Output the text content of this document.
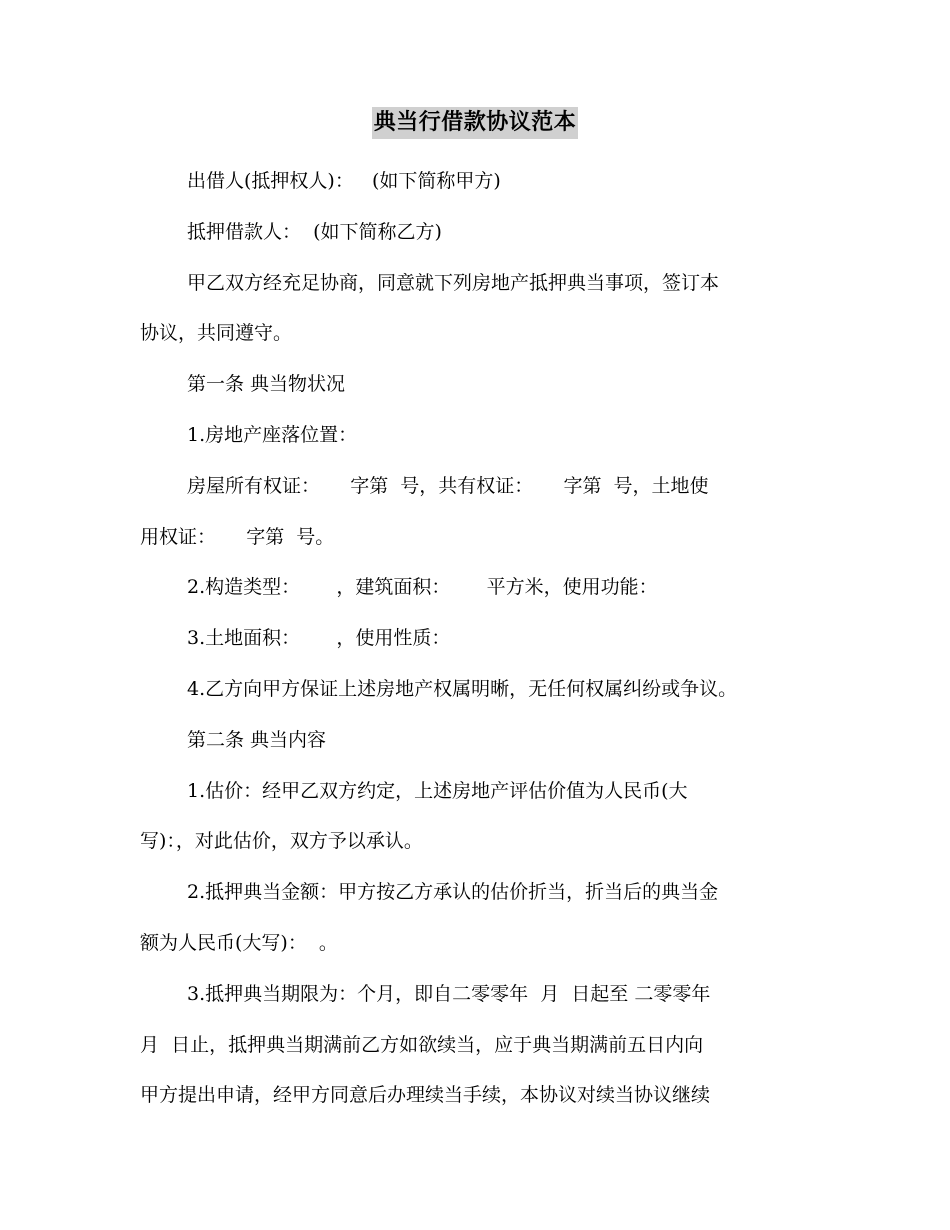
典当行借款协议范本
出借人(抵押权人)：   (如下简称甲方)
抵押借款人：  (如下简称乙方)
甲乙双方经充足协商，同意就下列房地产抵押典当事项，签订本
协议，共同遵守。
第一条 典当物状况
1.房地产座落位置：
房屋所有权证：     字第  号，共有权证：     字第  号，土地使
用权证：     字第  号。
2.构造类型：      ，建筑面积：      平方米，使用功能：
3.土地面积：      ，使用性质：
4.乙方向甲方保证上述房地产权属明晰，无任何权属纠纷或争议。
第二条 典当内容
1.估价：经甲乙双方约定，上述房地产评估价值为人民币(大
写)：，对此估价，双方予以承认。
2.抵押典当金额：甲方按乙方承认的估价折当，折当后的典当金
额为人民币(大写)：  。
3.抵押典当期限为：个月，即自二零零年  月  日起至 二零零年
月  日止，抵押典当期满前乙方如欲续当，应于典当期满前五日内向
甲方提出申请，经甲方同意后办理续当手续，本协议对续当协议继续
